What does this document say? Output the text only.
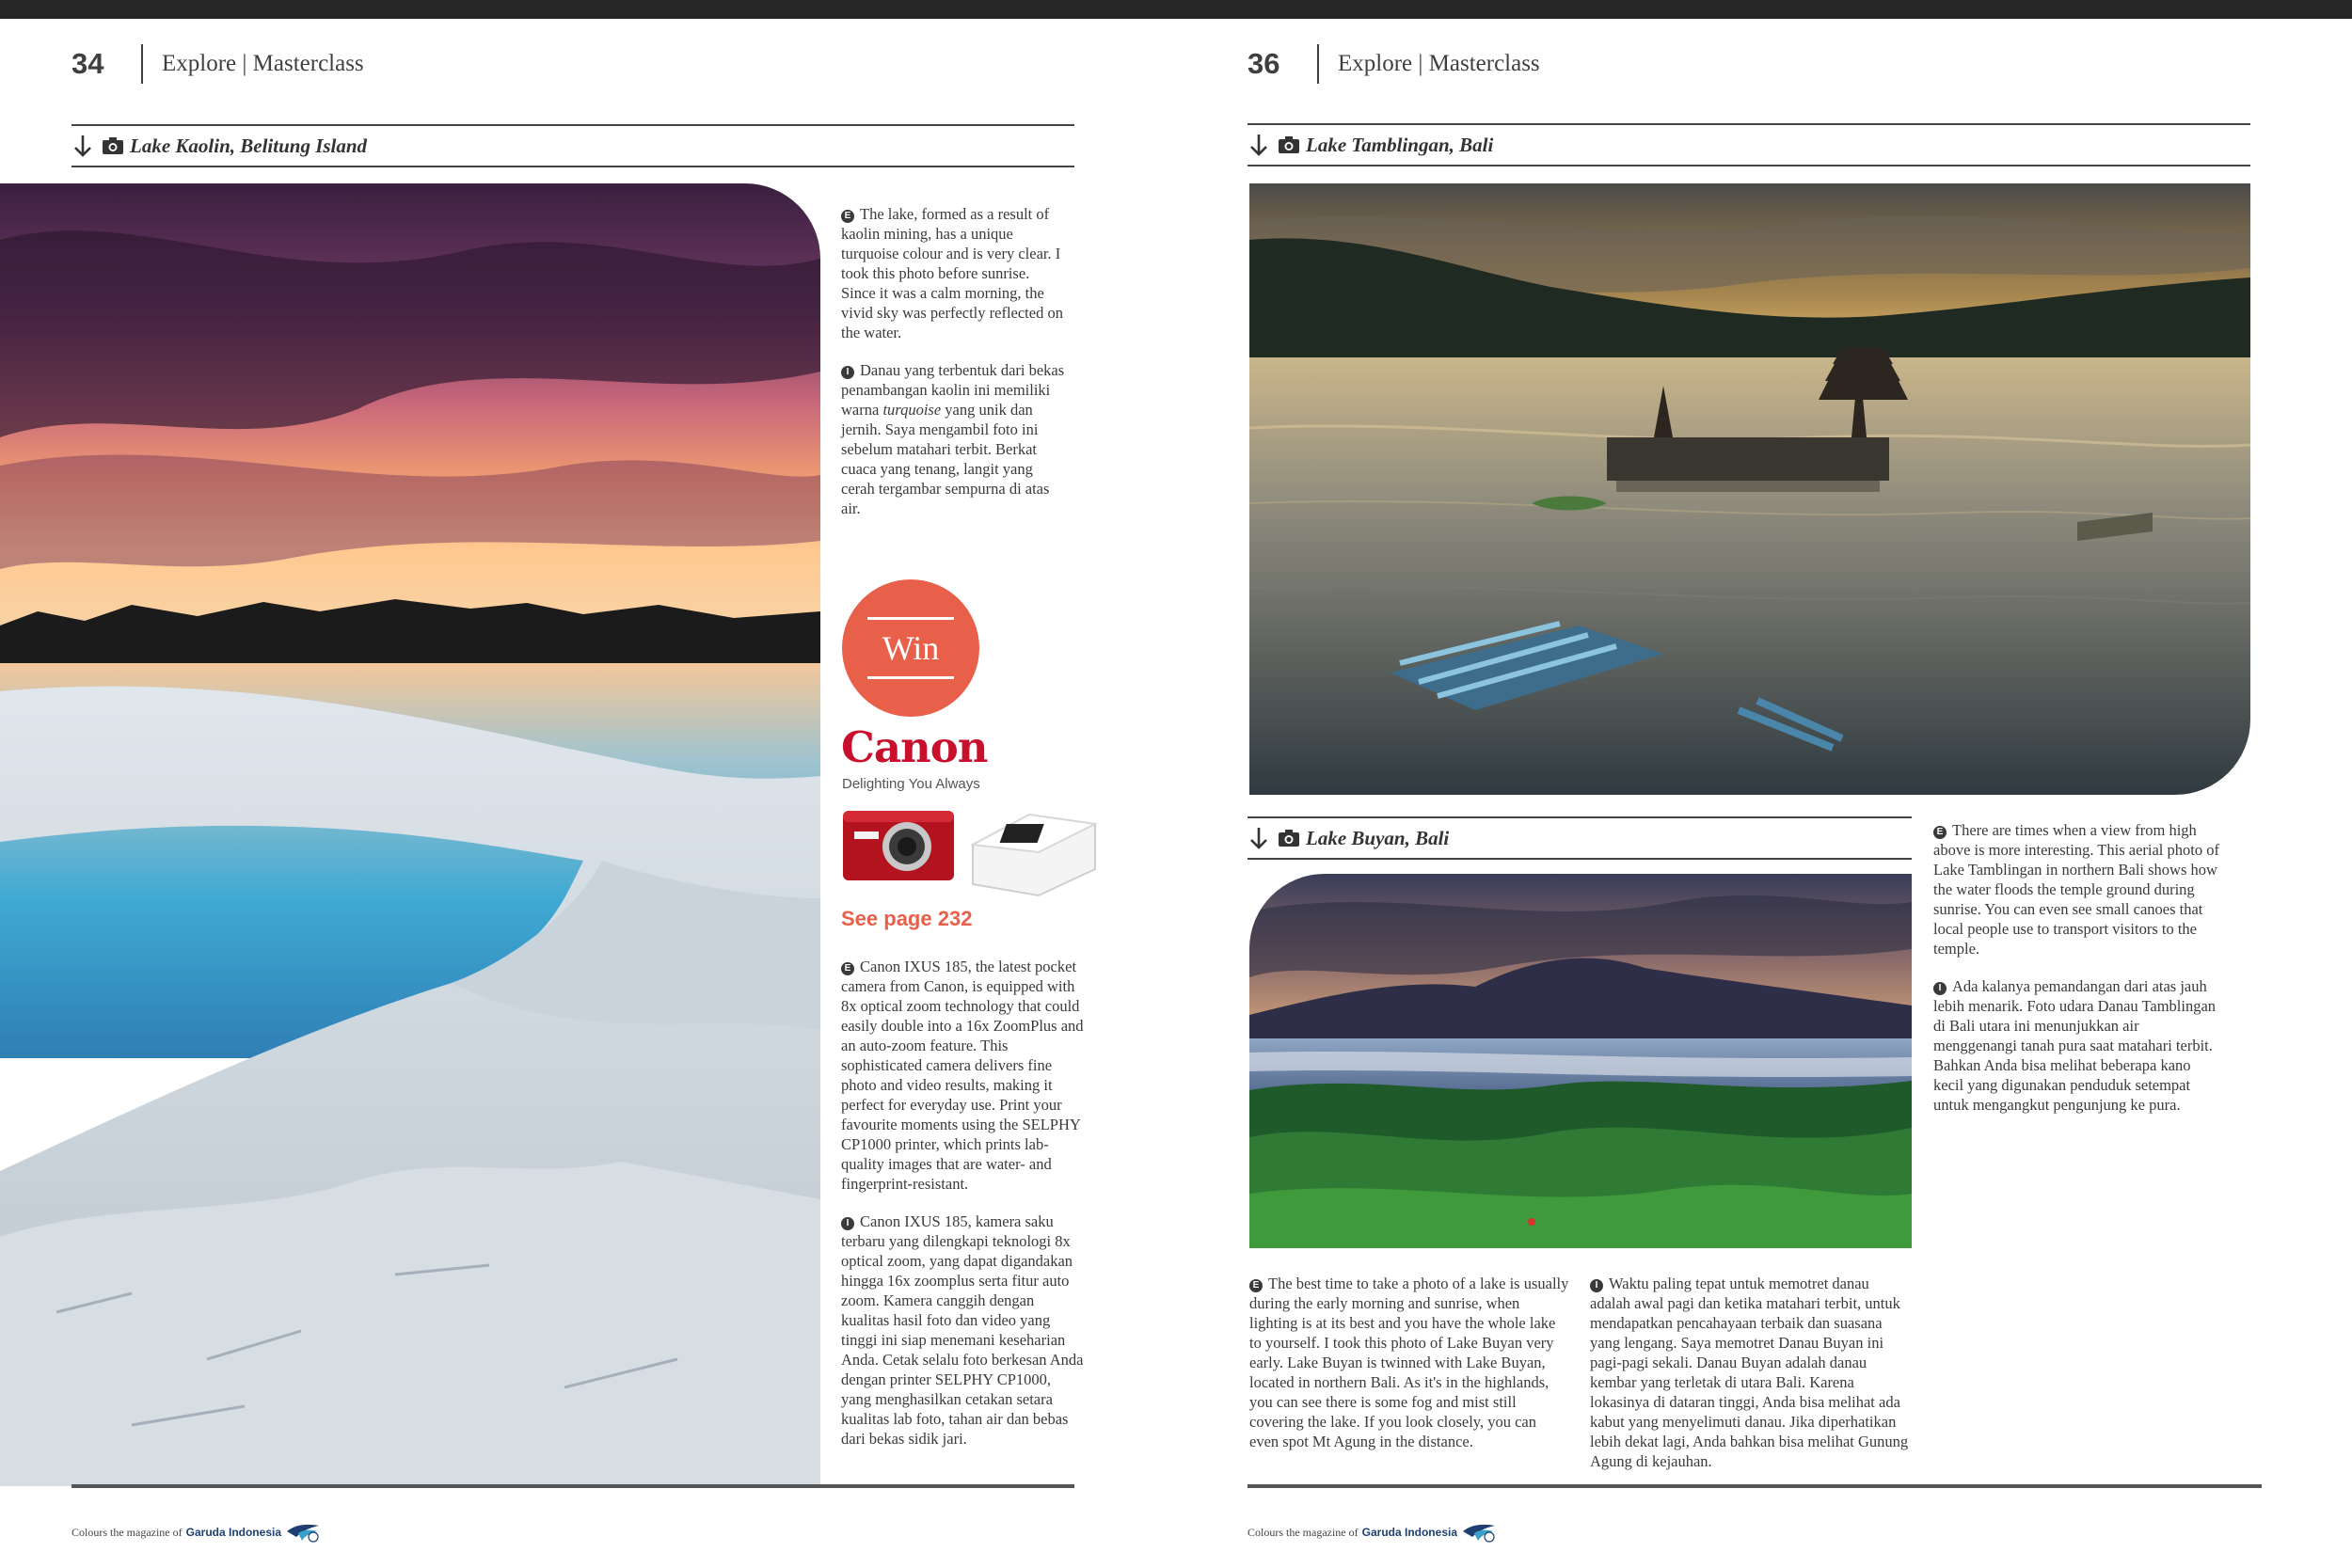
34	Explore | Masterclass
Lake Kaolin, Belitung Island

E The lake, formed as a result of kaolin mining, has a unique turquoise colour and is very clear. I took this photo before sunrise. Since it was a calm morning, the vivid sky was perfectly reflected on the water.

I Danau yang terbentuk dari bekas penambangan kaolin ini memiliki warna turquoise yang unik dan jernih. Saya mengambil foto ini sebelum matahari terbit. Berkat cuaca yang tenang, langit yang cerah tergambar sempurna di atas air.

Win
Canon
Delighting You Always
See page 232

E Canon IXUS 185, the latest pocket camera from Canon, is equipped with 8x optical zoom technology that could easily double into a 16x ZoomPlus and an auto-zoom feature. This sophisticated camera delivers fine photo and video results, making it perfect for everyday use. Print your favourite moments using the SELPHY CP1000 printer, which prints lab-quality images that are water- and fingerprint-resistant.

I Canon IXUS 185, kamera saku terbaru yang dilengkapi teknologi 8x optical zoom, yang dapat digandakan hingga 16x zoomplus serta fitur auto zoom. Kamera canggih dengan kualitas hasil foto dan video yang tinggi ini siap menemani keseharian Anda. Cetak selalu foto berkesan Anda dengan printer SELPHY CP1000, yang menghasilkan cetakan setara kualitas lab foto, tahan air dan bebas dari bekas sidik jari.

Colours the magazine of Garuda Indonesia
36	Explore | Masterclass
Lake Tamblingan, Bali
Lake Buyan, Bali	E There are times when a view from high above is more interesting. This aerial photo of Lake Tamblingan in northern Bali shows how the water floods the temple ground during sunrise. You can even see small canoes that local people use to transport visitors to the temple.

I Ada kalanya pemandangan dari atas jauh lebih menarik. Foto udara Danau Tamblingan di Bali utara ini menunjukkan air menggenangi tanah pura saat matahari terbit. Bahkan Anda bisa melihat beberapa kano kecil yang digunakan penduduk setempat untuk mengangkut pengunjung ke pura.

E The best time to take a photo of a lake is usually during the early morning and sunrise, when lighting is at its best and you have the whole lake to yourself. I took this photo of Lake Buyan very early. Lake Buyan is twinned with Lake Buyan, located in northern Bali. As it's in the highlands, you can see there is some fog and mist still covering the lake. If you look closely, you can even spot Mt Agung in the distance.

I Waktu paling tepat untuk memotret danau adalah awal pagi dan ketika matahari terbit, untuk mendapatkan pencahayaan terbaik dan suasana yang lengang. Saya memotret Danau Buyan ini pagi-pagi sekali. Danau Buyan adalah danau kembar yang terletak di utara Bali. Karena lokasinya di dataran tinggi, Anda bisa melihat ada kabut yang menyelimuti danau. Jika diperhatikan lebih dekat lagi, Anda bahkan bisa melihat Gunung Agung di kejauhan.

Colours the magazine of Garuda Indonesia
